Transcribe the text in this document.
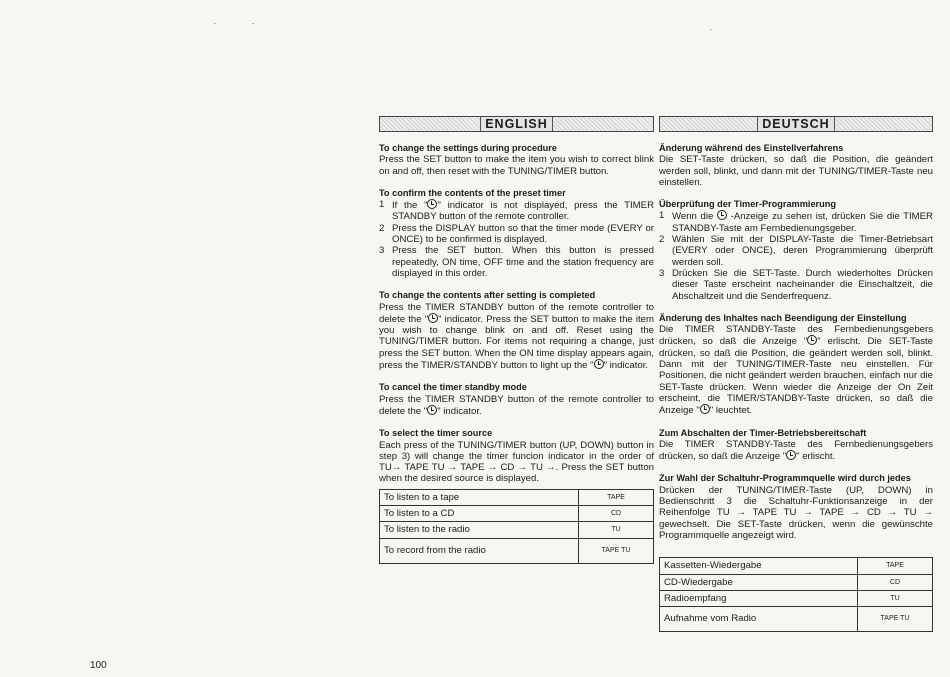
ˇ	˜
ˇ
ENGLISH
To change the settings during procedure
Press the SET button to make the item you wish to correct blink on and off, then reset with the TUNING/TIMER button.
To confirm the contents of the preset timer
1 If the " " indicator is not displayed, press the TIMER STANDBY button of the remote controller.
2 Press the DISPLAY button so that the timer mode (EVERY or ONCE) to be confirmed is displayed.
3 Press the SET button. When this button is pressed repeatedly, ON time, OFF time and the station frequency are displayed in this order.
To change the contents after setting is completed
Press the TIMER STANDBY button of the remote controller to delete the " " indicator. Press the SET button to make the item you wish to change blink on and off. Reset using the TUNING/TIMER button. For items not requiring a change, just press the SET button. When the ON time display appears again, press the TIMER/STANDBY button to light up the " " indicator.
To cancel the timer standby mode
Press the TIMER STANDBY button of the remote controller to delete the " " indicator.
To select the timer source
Each press of the TUNING/TIMER button (UP, DOWN) button in step 3) will change the timer funcion indicator in the order of TU→ TAPE TU → TAPE → CD → TU →. Press the SET button when the desired source is displayed.
To listen to a tape	TAPE
To listen to a CD	CD
To listen to the radio	TU
To record from the radio	TAPE TU
DEUTSCH
Änderung während des Einstellverfahrens
Die SET-Taste drücken, so daß die Position, die geändert werden soll, blinkt, und dann mit der TUNING/TIMER-Taste neu einstellen.
Überprüfung der Timer-Programmierung
1 Wenn die  -Anzeige zu sehen ist, drücken Sie die TIMER STANDBY-Taste am Fernbedienungsgeber.
2 Wählen Sie mit der DISPLAY-Taste die Timer-Betriebsart (EVERY oder ONCE), deren Programmierung überprüft werden soll.
3 Drücken Sie die SET-Taste. Durch wiederholtes Drücken dieser Taste erscheint nacheinander die Einschaltzeit, die Abschaltzeit und die Senderfrequenz.
Änderung des Inhaltes nach Beendigung der Einstellung
Die TIMER STANDBY-Taste des Fernbedienungsgebers drücken, so daß die Anzeige " " erlischt. Die SET-Taste drücken, so daß die Position, die geändert werden soll, blinkt. Dann mit der TUNING/TIMER-Taste neu einstellen. Für Positionen, die nicht geändert werden brauchen, einfach nur die SET-Taste drücken. Wenn wieder die Anzeige der On Zeit erscheint, die TIMER/STANDBY-Taste drücken, so daß die Anzeige " " leuchtet.
Zum Abschalten der Timer-Betriebsbereitschaft
Die TIMER STANDBY-Taste des Fernbedienungsgebers drücken, so daß die Anzeige " " erlischt.
Zur Wahl der Schaltuhr-Programmquelle wird durch jedes
Drücken der TUNING/TIMER-Taste (UP, DOWN) in Bedienschritt 3 die Schaltuhr-Funktionsanzeige in der Reihenfolge TU → TAPE TU → TAPE → CD → TU → gewechselt. Die SET-Taste drücken, wenn die gewünschte Programmquelle angezeigt wird.
Kassetten-Wiedergabe	TAPE
CD-Wiedergabe	CD
Radioempfang	TU
Aufnahme vom Radio	TAPE TU
100
